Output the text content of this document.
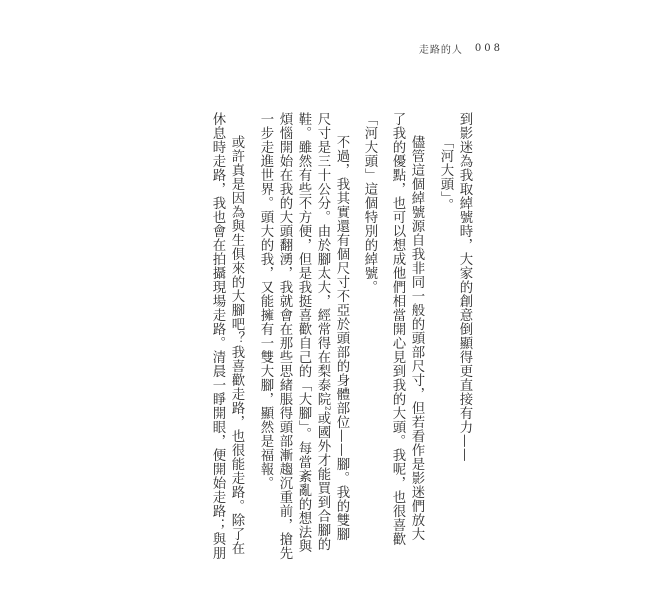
走路的人 008
到影迷為我取綽號時，大家的創意倒顯得更直接有力——
「河大頭」。
儘管這個綽號源自我非同一般的頭部尺寸，但若看作是影迷們放大
了我的優點，也可以想成他們相當開心見到我的大頭。我呢，也很喜歡
「河大頭」這個特別的綽號。
不過，我其實還有個尺寸不亞於頭部的身體部位——腳。我的雙腳
尺寸是三十公分。由於腳太大，經常得在梨泰院$^2$或國外才能買到合腳的
鞋。雖然有些不方便，但是我挺喜歡自己的「大腳」。每當紊亂的想法與
煩惱開始在我的大頭翻湧，我就會在那些思緒脹得頭部漸趨沉重前，搶先
一步走進世界。頭大的我，又能擁有一雙大腳，顯然是福報。
或許真是因為與生俱來的大腳吧？我喜歡走路，也很能走路。除了在
休息時走路，我也會在拍攝現場走路。清晨一睜開眼，便開始走路；與朋
